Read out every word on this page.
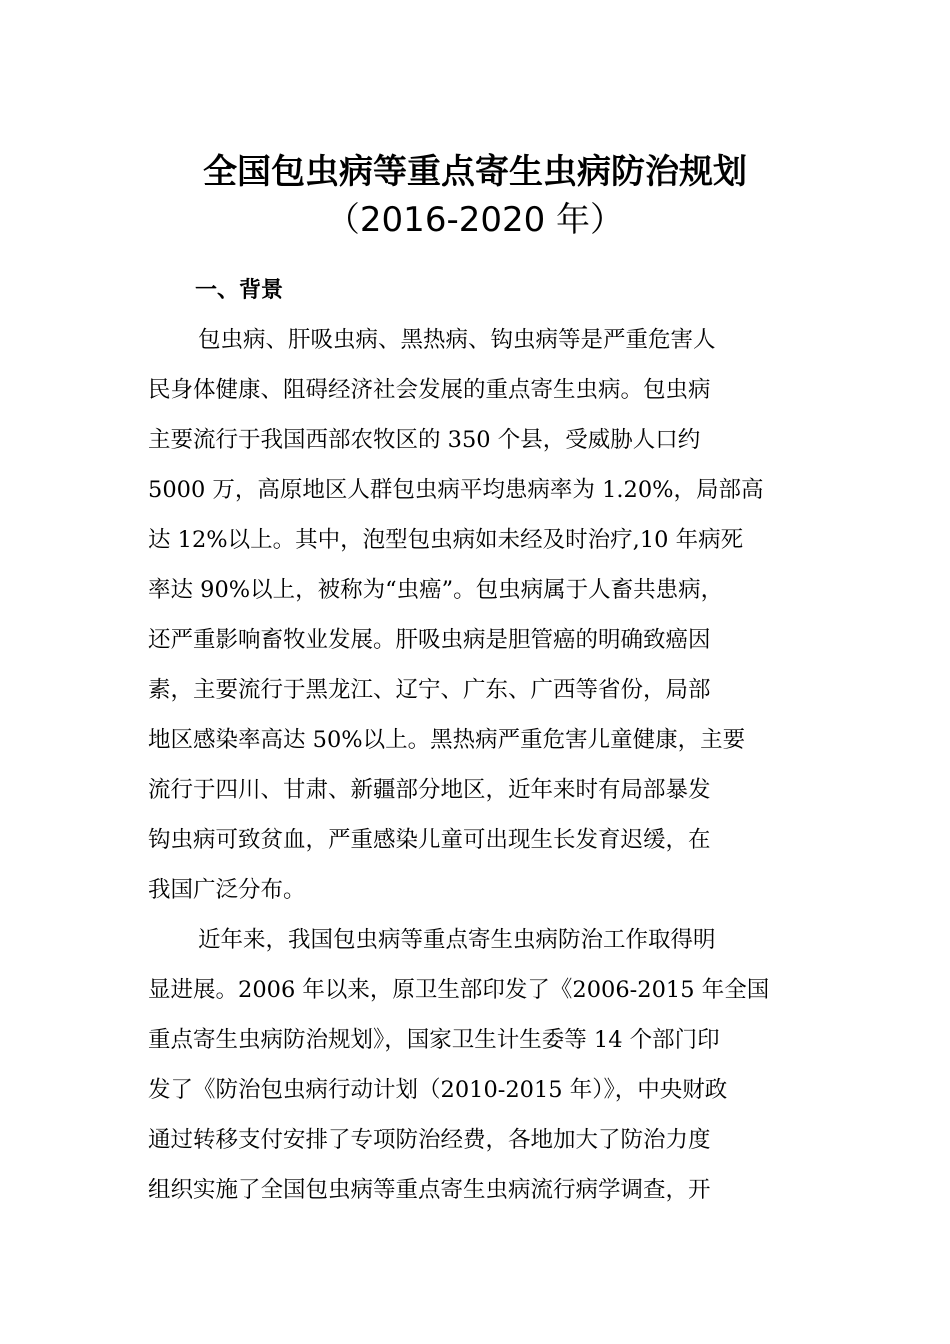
全国包虫病等重点寄生虫病防治规划
（2016-2020 年）
一、背景
包虫病、肝吸虫病、黑热病、钩虫病等是严重危害人
民身体健康、阻碍经济社会发展的重点寄生虫病。包虫病
主要流行于我国西部农牧区的 350 个县，受威胁人口约
5000 万，高原地区人群包虫病平均患病率为 1.20%，局部高
达 12%以上。其中，泡型包虫病如未经及时治疗,10 年病死
率达 90%以上，被称为“虫癌”。包虫病属于人畜共患病，
还严重影响畜牧业发展。肝吸虫病是胆管癌的明确致癌因
素，主要流行于黑龙江、辽宁、广东、广西等省份，局部
地区感染率高达 50%以上。黑热病严重危害儿童健康，主要
流行于四川、甘肃、新疆部分地区，近年来时有局部暴发
钩虫病可致贫血，严重感染儿童可出现生长发育迟缓，在
我国广泛分布。
近年来，我国包虫病等重点寄生虫病防治工作取得明
显进展。2006 年以来，原卫生部印发了《2006-2015 年全国
重点寄生虫病防治规划》，国家卫生计生委等 14 个部门印
发了《防治包虫病行动计划（2010-2015 年）》，中央财政
通过转移支付安排了专项防治经费，各地加大了防治力度
组织实施了全国包虫病等重点寄生虫病流行病学调查，开
